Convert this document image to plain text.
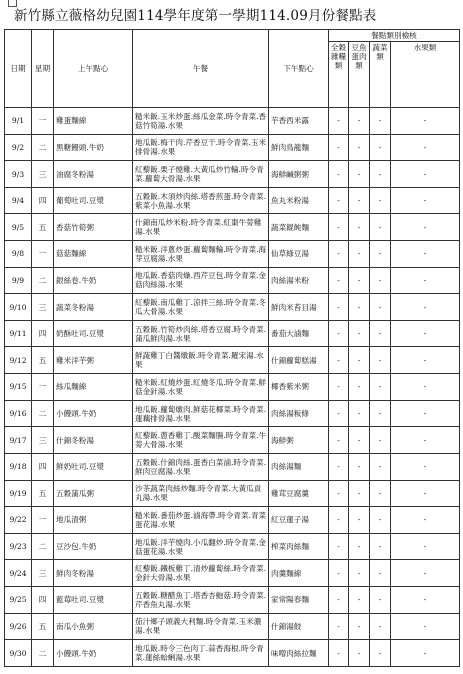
新竹縣立薇格幼兒園114學年度第一學期114.09月份餐點表
日期	星期	上午點心	午餐	下午點心	餐點類別檢核			

					全穀雜糧類	豆魚蛋肉類	蔬菜類	水果類

9/1	一	雞蛋麵線	糙米飯.玉米炒蛋.絲瓜金菜.時令青菜.香菇竹筍湯.水果	芋香西米露	-	-	-	-
9/2	二	黑糖饅頭.牛奶	地瓜飯.梅干肉.芹香豆干.時令青菜.玉米排骨湯.水果	鮮肉鳥龍麵	-	-	-	-
9/3	三	油腐冬粉湯	紅藜飯.栗子燒雞.大黃瓜炒竹輪.時令青菜.蘿蔔大骨湯.水果	海鮮鹹粥粥	-	-	-	-
9/4	四	葡萄吐司.豆漿	五穀飯.木須炒肉絲.塔香煎蛋.時令青菜.紫菜小魚湯.水果	魚丸米粉湯	-	-	-	-
9/5	五	香菇竹筍粥	什錦南瓜炒米粉.時令青菜.紅棗牛蒡雞湯.水果	蔬菜餛飩麵	-	-	-	-
9/8	一	菇菇麵線	糙米飯.洋蔥炒蛋.蘿蔔麵輪.時令青菜.海芽豆腐湯.水果	仙草綠豆湯	-	-	-	-
9/9	二	銀絲卷.牛奶	地瓜飯.香菇肉燥.西芹豆包.時令青菜.金菇肉絲湯.水果	肉絲湯米粉	-	-	-	-
9/10	三	蔬菜冬粉湯	紅藜飯.南瓜雞丁.涼拌三絲.時令青菜.冬瓜大骨湯.水果	鮮肉米苔目湯	-	-	-	-
9/11	四	奶酥吐司.豆漿	五穀飯.竹筍炒肉絲.塔香豆腐.時令青菜.蒲瓜鮮肉湯.水果	番茄大滷麵	-	-	-	-
9/12	五	雞米洋芋粥	鮮蔬雞丁白醬燉飯.時令青菜.羅宋湯.水果	什錦蘿蔔糕湯	-	-	-	-
9/15	一	絲瓜麵線	糙米飯.紅燒炒蛋.紅燒冬瓜.時令青菜.鮮菇金針湯.水果	椰香紫米粥	-	-	-	-
9/16	二	小饅頭.牛奶	地瓜飯.蘿蔔燉肉.鮮菇花椰菜.時令青菜.蓮藕排骨湯.水果	肉絲湯粄條	-	-	-	-
9/17	三	什錦冬粉湯	紅藜飯.蔥香雞丁.酸菜麵腸.時令青菜.牛蒡大骨湯.水果	海鮮粥	-	-	-	-
9/18	四	鮮奶吐司.豆漿	五穀飯.什錦肉絲.蛋香白菜滷.時令青菜.鮮肉豆腐湯.水果	肉絲湯麵	-	-	-	-
9/19	五	五穀蒲瓜粥	沙茶蔬菜肉絲炒麵.時令青菜.大黃瓜貢丸湯.水果	雞茸豆腐羹	-	-	-	-
9/22	一	地瓜清粥	糙米飯.番茄炒蛋.滷海帶.時令青菜.青菜蛋花湯.水果	紅豆蓮子湯	-	-	-	-
9/23	二	豆沙包.牛奶	地瓜飯.洋芋燒肉.小瓜翻炒.時令青菜.金菇蛋花湯.水果	榨菜肉絲麵	-	-	-	-
9/24	三	鮮肉冬粉湯	紅藜飯.鐵板雞丁.清炒蘿蔔絲.時令青菜.金針大骨湯.水果	肉羹麵線	-	-	-	-
9/25	四	藍莓吐司.豆漿	五穀飯.糖醋魚丁.塔香杏鮑菇.時令青菜.芹香魚丸湯.水果	家常陽春麵	-	-	-	-
9/26	五	南瓜小魚粥	茄汁鄉子頭義大利麵.時令青菜.玉米濃湯.水果	什錦湯餃	-	-	-	-
9/30	二	小饅頭.牛奶	地瓜飯.時令三色肉丁.蒜香海根.時令青菜.蓮絲蛤蜊湯.水果	味噌肉絲拉麵	-	-	-	-
